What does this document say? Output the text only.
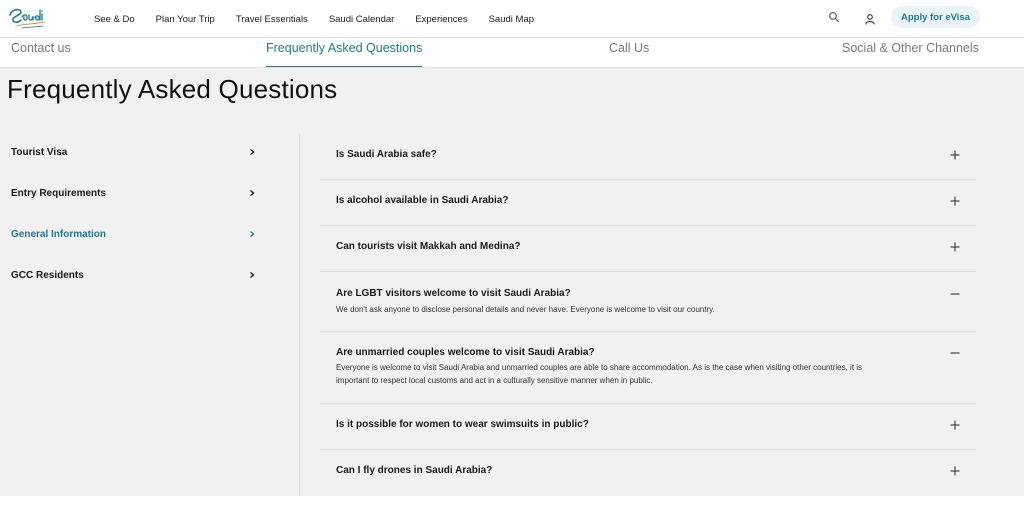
See & Do Plan Your Trip Travel Essentials Saudi Calendar Experiences Saudi Map	Apply for eVisa
Contact us	Frequently Asked Questions	Call Us	Social & Other Channels
Frequently Asked Questions
Tourist Visa
Entry Requirements
General Information
GCC Residents
Is Saudi Arabia safe?
Is alcohol available in Saudi Arabia?
Can tourists visit Makkah and Medina?
Are LGBT visitors welcome to visit Saudi Arabia?

We don't ask anyone to disclose personal details and never have. Everyone is welcome to visit our country.

Are unmarried couples welcome to visit Saudi Arabia?

Everyone is welcome to visit Saudi Arabia and unmarried couples are able to share accommodation. As is the case when visiting other countries, it is important to respect local customs and act in a culturally sensitive manner when in public.

Is it possible for women to wear swimsuits in public?
Can I fly drones in Saudi Arabia?
